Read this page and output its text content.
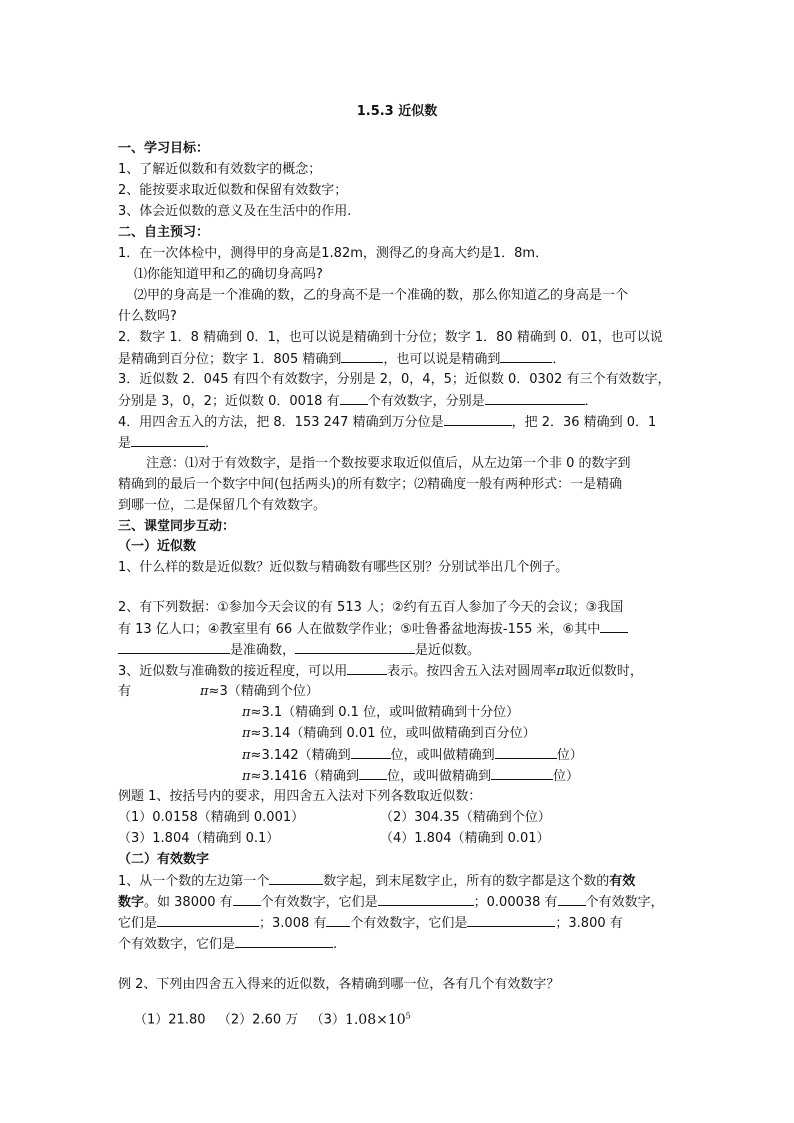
1.5.3 近似数
一、学习目标：
1、了解近似数和有效数字的概念；
2、能按要求取近似数和保留有效数字；
3、体会近似数的意义及在生活中的作用.
二、自主预习：
1．在一次体检中，测得甲的身高是1.82m，测得乙的身高大约是1．8m．
⑴你能知道甲和乙的确切身高吗?
⑵甲的身高是一个准确的数，乙的身高不是一个准确的数，那么你知道乙的身高是一个
什么数吗?
2．数字 1．8 精确到 0．1，也可以说是精确到十分位；数字 1．80 精确到 0．01，也可以说
是精确到百分位；数字 1．805 精确到	，也可以说是精确到	．
3．近似数 2．045 有四个有效数字，分别是 2，0，4，5；近似数 0．0302 有三个有效数字，
分别是 3，0，2；近似数 0．0018 有 个有效数字，分别是	．
4．用四舍五入的方法，把 8．153 247 精确到万分位是	，把 2．36 精确到 0．1
是	．
注意：⑴对于有效数字，是指一个数按要求取近似值后，从左边第一个非 0 的数字到
精确到的最后一个数字中间(包括两头)的所有数字；⑵精确度一般有两种形式：一是精确
到哪一位，二是保留几个有效数字。
三、课堂同步互动：
（一）近似数
1、什么样的数是近似数？近似数与精确数有哪些区别？分别试举出几个例子。
2、有下列数据：①参加今天会议的有 513 人；②约有五百人参加了今天的会议；③我国
有 13 亿人口；④教室里有 66 人在做数学作业；⑤吐鲁番盆地海拔-155 米，⑥其中
是准确数，	是近似数。
3、近似数与准确数的接近程度，可以用	表示。按四舍五入法对圆周率π取近似数时，
有	π≈3（精确到个位）
π≈3.1（精确到 0.1 位，或叫做精确到十分位）
π≈3.14（精确到 0.01 位，或叫做精确到百分位）
π≈3.142（精确到	位，或叫做精确到	位）
π≈3.1416（精确到 位，或叫做精确到	位）
例题 1、按括号内的要求，用四舍五入法对下列各数取近似数：
（1）0.0158（精确到 0.001）	（2）304.35（精确到个位）
（3）1.804（精确到 0.1）	（4）1.804（精确到 0.01）
（二）有效数字
1、从一个数的左边第一个	数字起，到末尾数字止，所有的数字都是这个数的有效
数字。如 38000 有 个有效数字，它们是	；0.00038 有 个有效数字，
它们是	；3.008 有 个有效数字，它们是	；3.800 有
个有效数字，它们是	.
例 2、下列由四舍五入得来的近似数，各精确到哪一位，各有几个有效数字？
（1）21.80 （2）2.60 万 $(3)1.08\times 10^5$
